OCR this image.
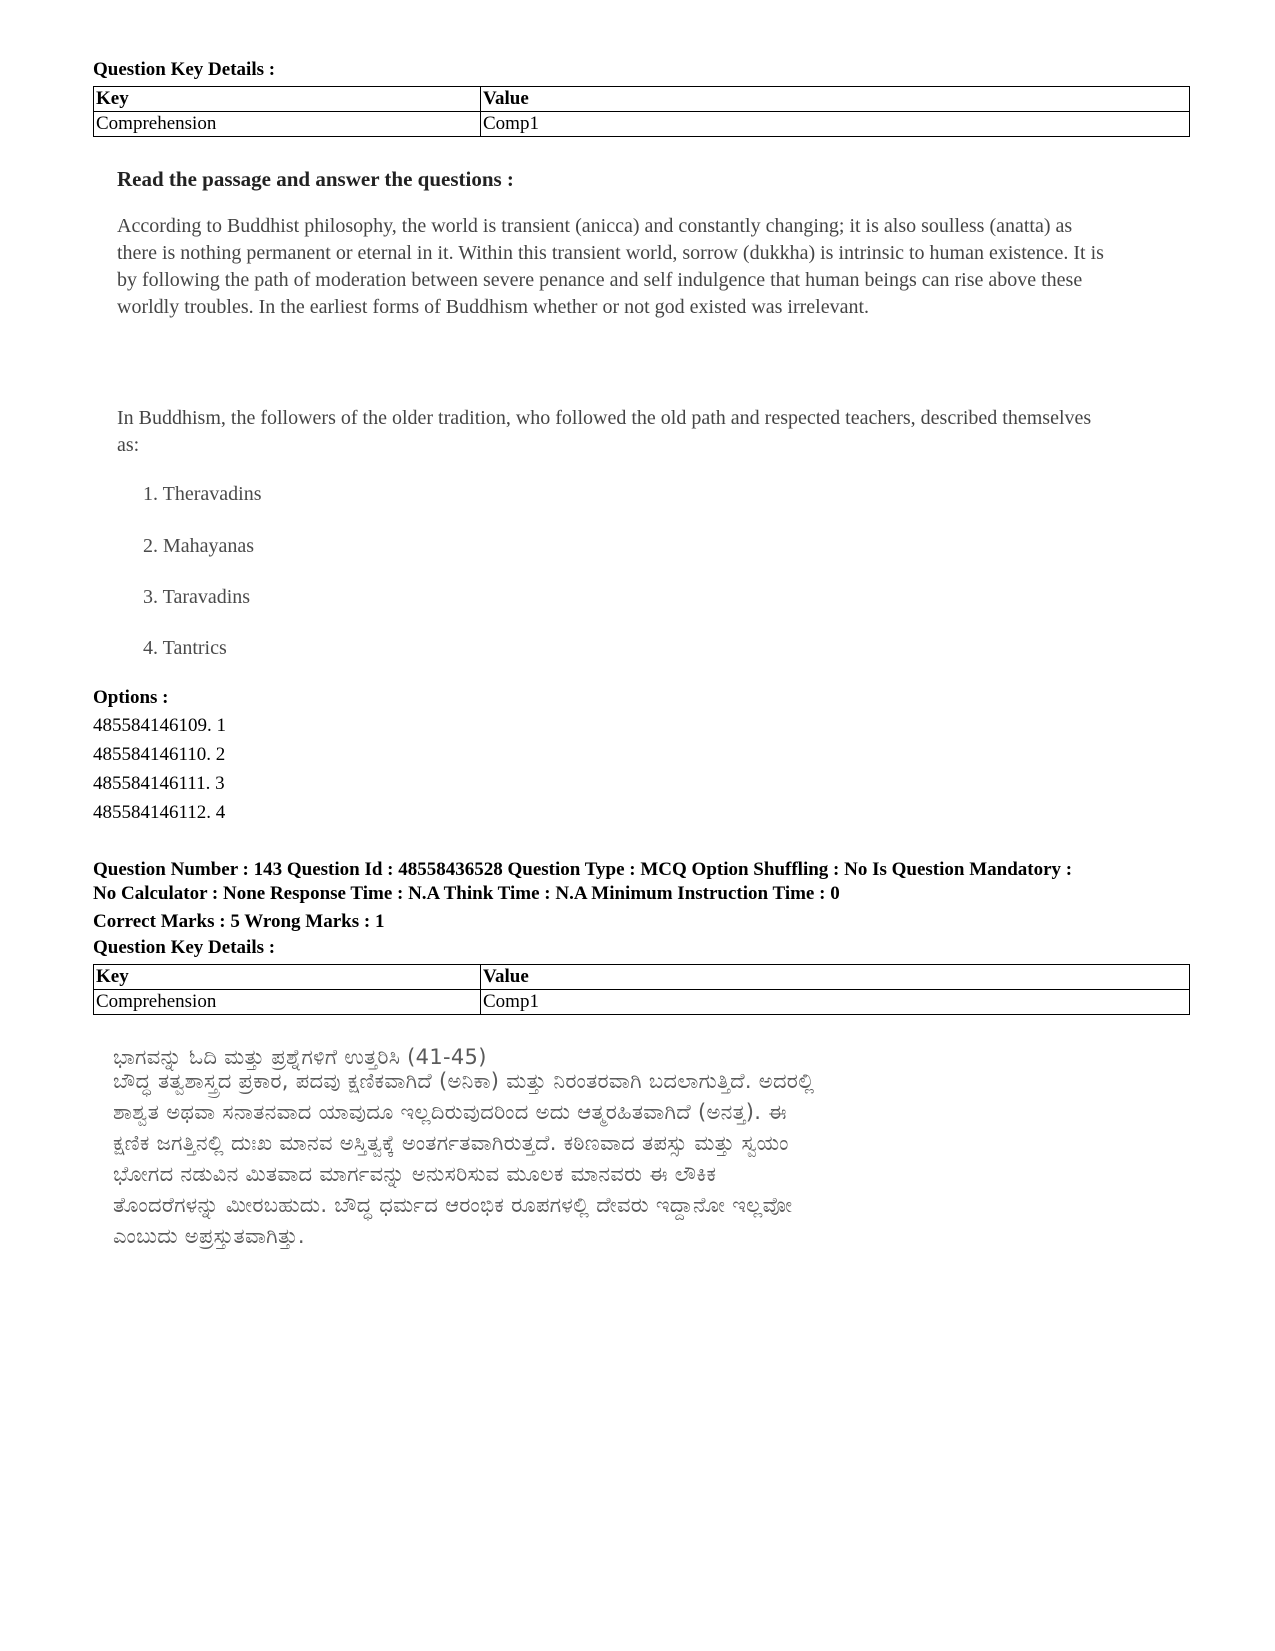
Question Key Details :
Key	Value
Comprehension	Comp1
Read the passage and answer the questions :
According to Buddhist philosophy, the world is transient (anicca) and constantly changing; it is also soulless (anatta) as there is nothing permanent or eternal in it. Within this transient world, sorrow (dukkha) is intrinsic to human existence. It is by following the path of moderation between severe penance and self indulgence that human beings can rise above these worldly troubles. In the earliest forms of Buddhism whether or not god existed was irrelevant.
In Buddhism, the followers of the older tradition, who followed the old path and respected teachers, described themselves as:
1. Theravadins
2. Mahayanas
3. Taravadins
4. Tantrics
Options :
485584146109. 1
485584146110. 2
485584146111. 3
485584146112. 4
Question Number : 143 Question Id : 48558436528 Question Type : MCQ Option Shuffling : No Is Question Mandatory :
No Calculator : None Response Time : N.A Think Time : N.A Minimum Instruction Time : 0
Correct Marks : 5 Wrong Marks : 1
Question Key Details :
Key	Value
Comprehension	Comp1
ಭಾಗವನ್ನು ಓದಿ ಮತ್ತು ಪ್ರಶ್ನೆಗಳಿಗೆ ಉತ್ತರಿಸಿ (41-45)
ಬೌದ್ಧ ತತ್ವಶಾಸ್ತ್ರದ ಪ್ರಕಾರ, ಪದವು ಕ್ಷಣಿಕವಾಗಿದೆ (ಅನಿಕಾ) ಮತ್ತು ನಿರಂತರವಾಗಿ ಬದಲಾಗುತ್ತಿದೆ. ಅದರಲ್ಲಿ
ಶಾಶ್ವತ ಅಥವಾ ಸನಾತನವಾದ ಯಾವುದೂ ಇಲ್ಲದಿರುವುದರಿಂದ ಅದು ಆತ್ಮರಹಿತವಾಗಿದೆ (ಅನತ್ತ). ಈ
ಕ್ಷಣಿಕ ಜಗತ್ತಿನಲ್ಲಿ ದುಃಖ ಮಾನವ ಅಸ್ತಿತ್ವಕ್ಕೆ ಅಂತರ್ಗತವಾಗಿರುತ್ತದೆ. ಕಠಿಣವಾದ ತಪಸ್ಸು ಮತ್ತು ಸ್ವಯಂ
ಭೋಗದ ನಡುವಿನ ಮಿತವಾದ ಮಾರ್ಗವನ್ನು ಅನುಸರಿಸುವ ಮೂಲಕ ಮಾನವರು ಈ ಲೌಕಿಕ
ತೊಂದರೆಗಳನ್ನು ಮೀರಬಹುದು. ಬೌದ್ಧ ಧರ್ಮದ ಆರಂಭಿಕ ರೂಪಗಳಲ್ಲಿ ದೇವರು ಇದ್ದಾನೋ ಇಲ್ಲವೋ
ಎಂಬುದು ಅಪ್ರಸ್ತುತವಾಗಿತ್ತು.
